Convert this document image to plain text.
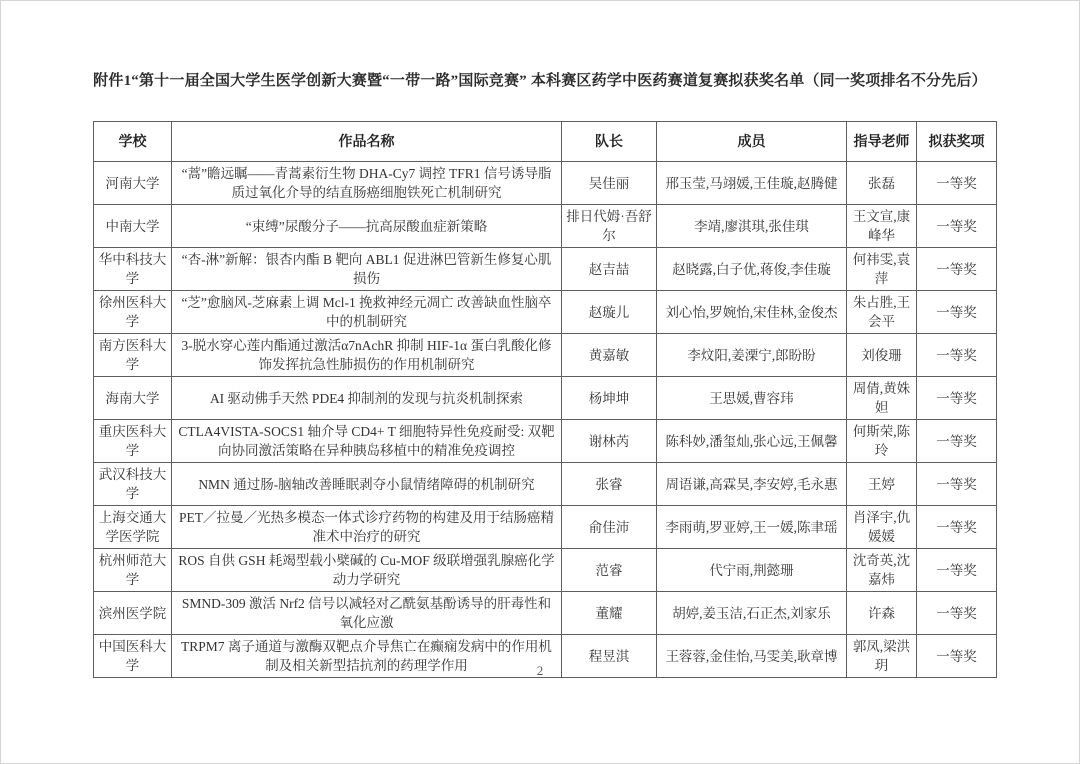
附件1“第十一届全国大学生医学创新大赛暨“一带一路”国际竞赛” 本科赛区药学中医药赛道复赛拟获奖名单（同一奖项排名不分先后）
学校	作品名称	队长	成员	指导老师	拟获奖项
河南大学	“蒿”瞻远瞩——青蒿素衍生物 DHA-Cy7 调控 TFR1 信号诱导脂质过氧化介导的结直肠癌细胞铁死亡机制研究	吴佳丽	邢玉莹,马翊媛,王佳璇,赵腾健	张磊	一等奖
中南大学	“束缚”尿酸分子——抗高尿酸血症新策略	排日代姆·吾舒尔	李靖,廖淇琪,张佳琪	王文宣,康峰华	一等奖
华中科技大学	“杏-淋”新解：银杏内酯 B 靶向 ABL1 促进淋巴管新生修复心肌损伤	赵吉喆	赵晓露,白子优,蒋俊,李佳璇	何祎雯,袁萍	一等奖
徐州医科大学	“芝”愈脑风-芝麻素上调 Mcl-1 挽救神经元凋亡 改善缺血性脑卒中的机制研究	赵璇儿	刘心怡,罗婉怡,宋佳林,金俊杰	朱占胜,王会平	一等奖
南方医科大学	3-脱水穿心莲内酯通过激活α7nAchR 抑制 HIF-1α 蛋白乳酸化修饰发挥抗急性肺损伤的作用机制研究	黄嘉敏	李炆阳,姜溧宁,郎盼盼	刘俊珊	一等奖
海南大学	AI 驱动佛手天然 PDE4 抑制剂的发现与抗炎机制探索	杨坤坤	王思媛,曹容玮	周倩,黄姝妲	一等奖
重庆医科大学	CTLA4VISTA-SOCS1 轴介导 CD4+ T 细胞特异性免疫耐受: 双靶向协同激活策略在异种胰岛移植中的精准免疫调控	谢林芮	陈科妙,潘玺灿,张心远,王佩馨	何斯荣,陈玲	一等奖
武汉科技大学	NMN 通过肠-脑轴改善睡眠剥夺小鼠情绪障碍的机制研究	张睿	周语谦,高霖昊,李安婷,毛永惠	王婷	一等奖
上海交通大学医学院	PET／拉曼／光热多模态一体式诊疗药物的构建及用于结肠癌精准术中治疗的研究	俞佳沛	李雨萌,罗亚婷,王一媛,陈聿瑶	肖泽宇,仇媛媛	一等奖
杭州师范大学	ROS 自供 GSH 耗竭型载小檗碱的 Cu-MOF 级联增强乳腺癌化学动力学研究	范睿	代宁雨,荆懿珊	沈奇英,沈嘉炜	一等奖
滨州医学院	SMND-309 激活 Nrf2 信号以减轻对乙酰氨基酚诱导的肝毒性和氧化应激	董耀	胡婷,姜玉洁,石正杰,刘家乐	许森	一等奖
中国医科大学	TRPM7 离子通道与激酶双靶点介导焦亡在癫痫发病中的作用机制及相关新型拮抗剂的药理学作用	程昱淇	王蓉蓉,金佳怡,马雯美,耿章博	郭凤,梁洪玥	一等奖
2
